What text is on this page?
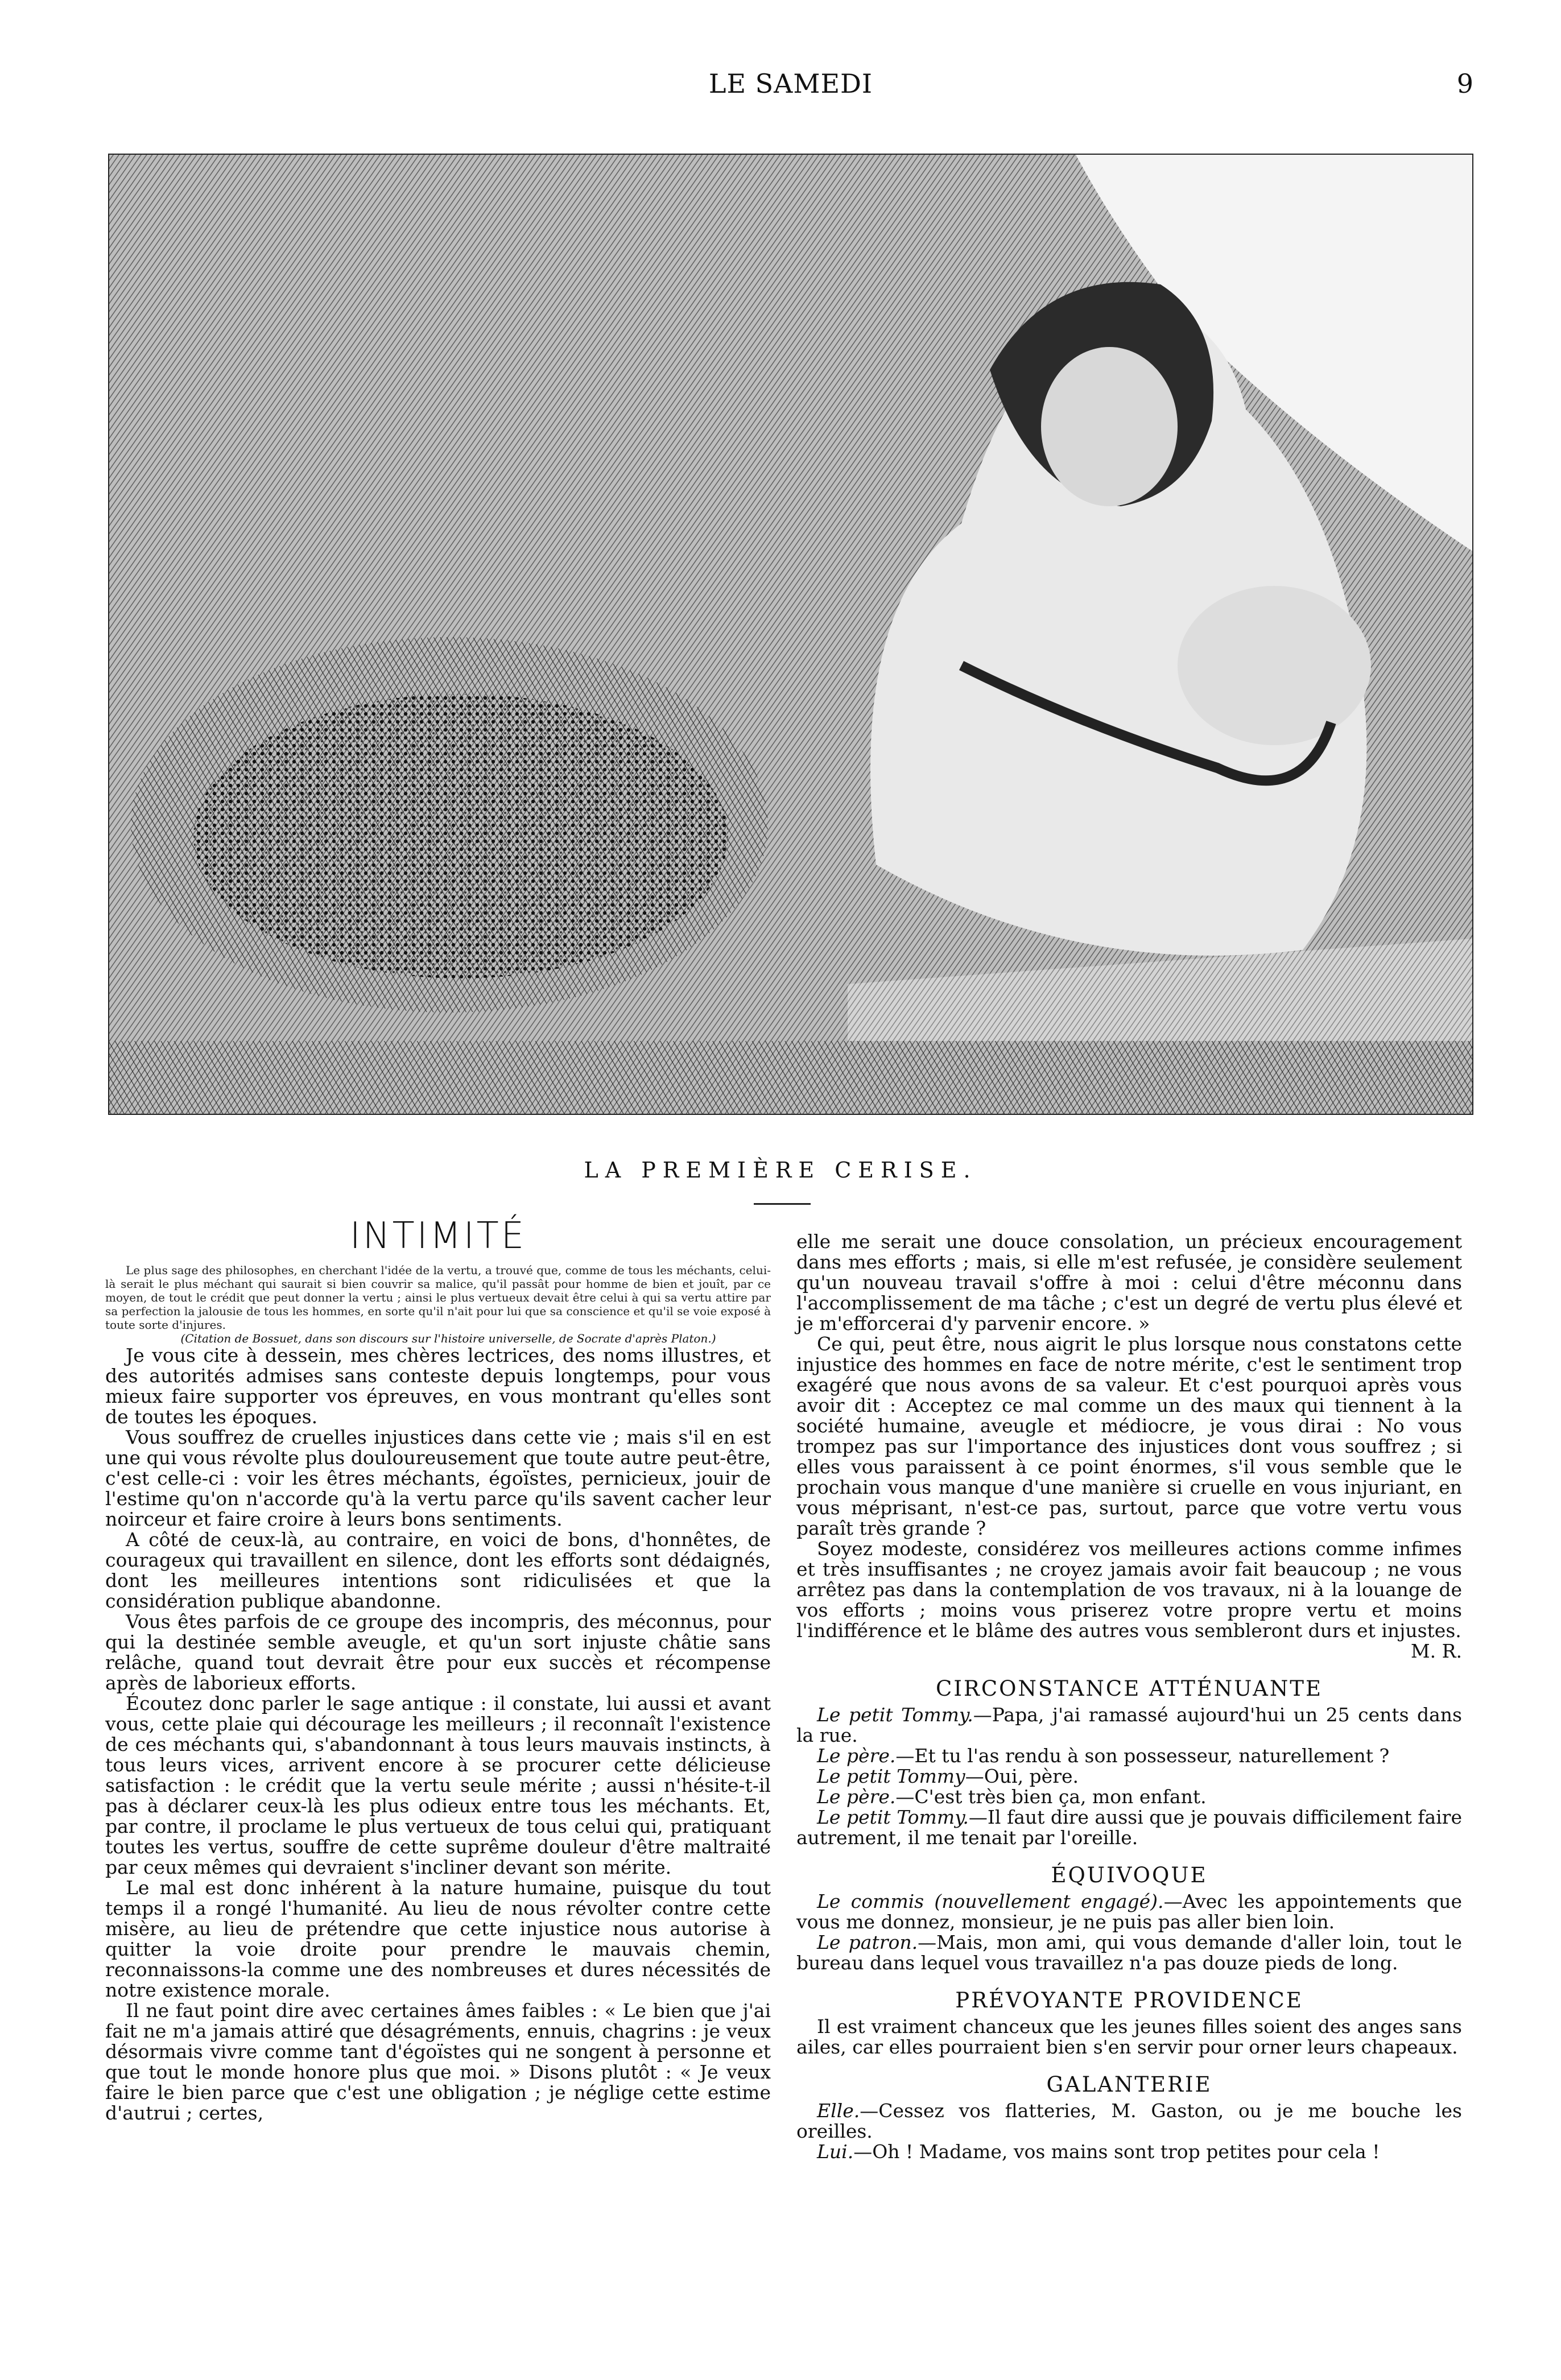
LE SAMEDI	9
LA PREMIÈRE CERISE.
INTIMITÉ

Le plus sage des philosophes, en cherchant l'idée de la vertu, a trouvé que, comme de tous les méchants, celui-là serait le plus méchant qui saurait si bien couvrir sa malice, qu'il passât pour homme de bien et jouît, par ce moyen, de tout le crédit que peut donner la vertu ; ainsi le plus vertueux devait être celui à qui sa vertu attire par sa perfection la jalousie de tous les hommes, en sorte qu'il n'ait pour lui que sa conscience et qu'il se voie exposé à toute sorte d'injures.

(Citation de Bossuet, dans son discours sur l'histoire universelle, de Socrate d'après Platon.)

Je vous cite à dessein, mes chères lectrices, des noms illustres, et des autorités admises sans conteste depuis longtemps, pour vous mieux faire supporter vos épreuves, en vous montrant qu'elles sont de toutes les époques.

Vous souffrez de cruelles injustices dans cette vie ; mais s'il en est une qui vous révolte plus douloureusement que toute autre peut-être, c'est celle-ci : voir les êtres méchants, égoïstes, pernicieux, jouir de l'estime qu'on n'accorde qu'à la vertu parce qu'ils savent cacher leur noirceur et faire croire à leurs bons sentiments.

A côté de ceux-là, au contraire, en voici de bons, d'honnêtes, de courageux qui travaillent en silence, dont les efforts sont dédaignés, dont les meilleures intentions sont ridiculisées et que la considération publique abandonne.

Vous êtes parfois de ce groupe des incompris, des méconnus, pour qui la destinée semble aveugle, et qu'un sort injuste châtie sans relâche, quand tout devrait être pour eux succès et récompense après de laborieux efforts.

Écoutez donc parler le sage antique : il constate, lui aussi et avant vous, cette plaie qui décourage les meilleurs ; il reconnaît l'existence de ces méchants qui, s'abandonnant à tous leurs mauvais instincts, à tous leurs vices, arrivent encore à se procurer cette délicieuse satisfaction : le crédit que la vertu seule mérite ; aussi n'hésite-t-il pas à déclarer ceux-là les plus odieux entre tous les méchants. Et, par contre, il proclame le plus vertueux de tous celui qui, pratiquant toutes les vertus, souffre de cette suprême douleur d'être maltraité par ceux mêmes qui devraient s'incliner devant son mérite.

Le mal est donc inhérent à la nature humaine, puisque du tout temps il a rongé l'humanité. Au lieu de nous révolter contre cette misère, au lieu de prétendre que cette injustice nous autorise à quitter la voie droite pour prendre le mauvais chemin, reconnaissons-la comme une des nombreuses et dures nécessités de notre existence morale.

Il ne faut point dire avec certaines âmes faibles : « Le bien que j'ai fait ne m'a jamais attiré que désagréments, ennuis, chagrins : je veux désormais vivre comme tant d'égoïstes qui ne songent à personne et que tout le monde honore plus que moi. » Disons plutôt : « Je veux faire le bien parce que c'est une obligation ; je néglige cette estime d'autrui ; certes,

elle me serait une douce consolation, un précieux encouragement dans mes efforts ; mais, si elle m'est refusée, je considère seulement qu'un nouveau travail s'offre à moi : celui d'être méconnu dans l'accomplissement de ma tâche ; c'est un degré de vertu plus élevé et je m'efforcerai d'y parvenir encore. »

Ce qui, peut être, nous aigrit le plus lorsque nous constatons cette injustice des hommes en face de notre mérite, c'est le sentiment trop exagéré que nous avons de sa valeur. Et c'est pourquoi après vous avoir dit : Acceptez ce mal comme un des maux qui tiennent à la société humaine, aveugle et médiocre, je vous dirai : No vous trompez pas sur l'importance des injustices dont vous souffrez ; si elles vous paraissent à ce point énormes, s'il vous semble que le prochain vous manque d'une manière si cruelle en vous injuriant, en vous méprisant, n'est-ce pas, surtout, parce que votre vertu vous paraît très grande ?

Soyez modeste, considérez vos meilleures actions comme infimes et très insuffisantes ; ne croyez jamais avoir fait beaucoup ; ne vous arrêtez pas dans la contemplation de vos travaux, ni à la louange de vos efforts ; moins vous priserez votre propre vertu et moins l'indifférence et le blâme des autres vous sembleront durs et injustes.

M. R.

CIRCONSTANCE ATTÉNUANTE

Le petit Tommy.—Papa, j'ai ramassé aujourd'hui un 25 cents dans la rue.

Le père.—Et tu l'as rendu à son possesseur, naturellement ?

Le petit Tommy—Oui, père.

Le père.—C'est très bien ça, mon enfant.

Le petit Tommy.—Il faut dire aussi que je pouvais difficilement faire autrement, il me tenait par l'oreille.

ÉQUIVOQUE

Le commis (nouvellement engagé).—Avec les appointements que vous me donnez, monsieur, je ne puis pas aller bien loin.

Le patron.—Mais, mon ami, qui vous demande d'aller loin, tout le bureau dans lequel vous travaillez n'a pas douze pieds de long.

PRÉVOYANTE PROVIDENCE

Il est vraiment chanceux que les jeunes filles soient des anges sans ailes, car elles pourraient bien s'en servir pour orner leurs chapeaux.

GALANTERIE

Elle.—Cessez vos flatteries, M. Gaston, ou je me bouche les oreilles.

Lui.—Oh ! Madame, vos mains sont trop petites pour cela !
